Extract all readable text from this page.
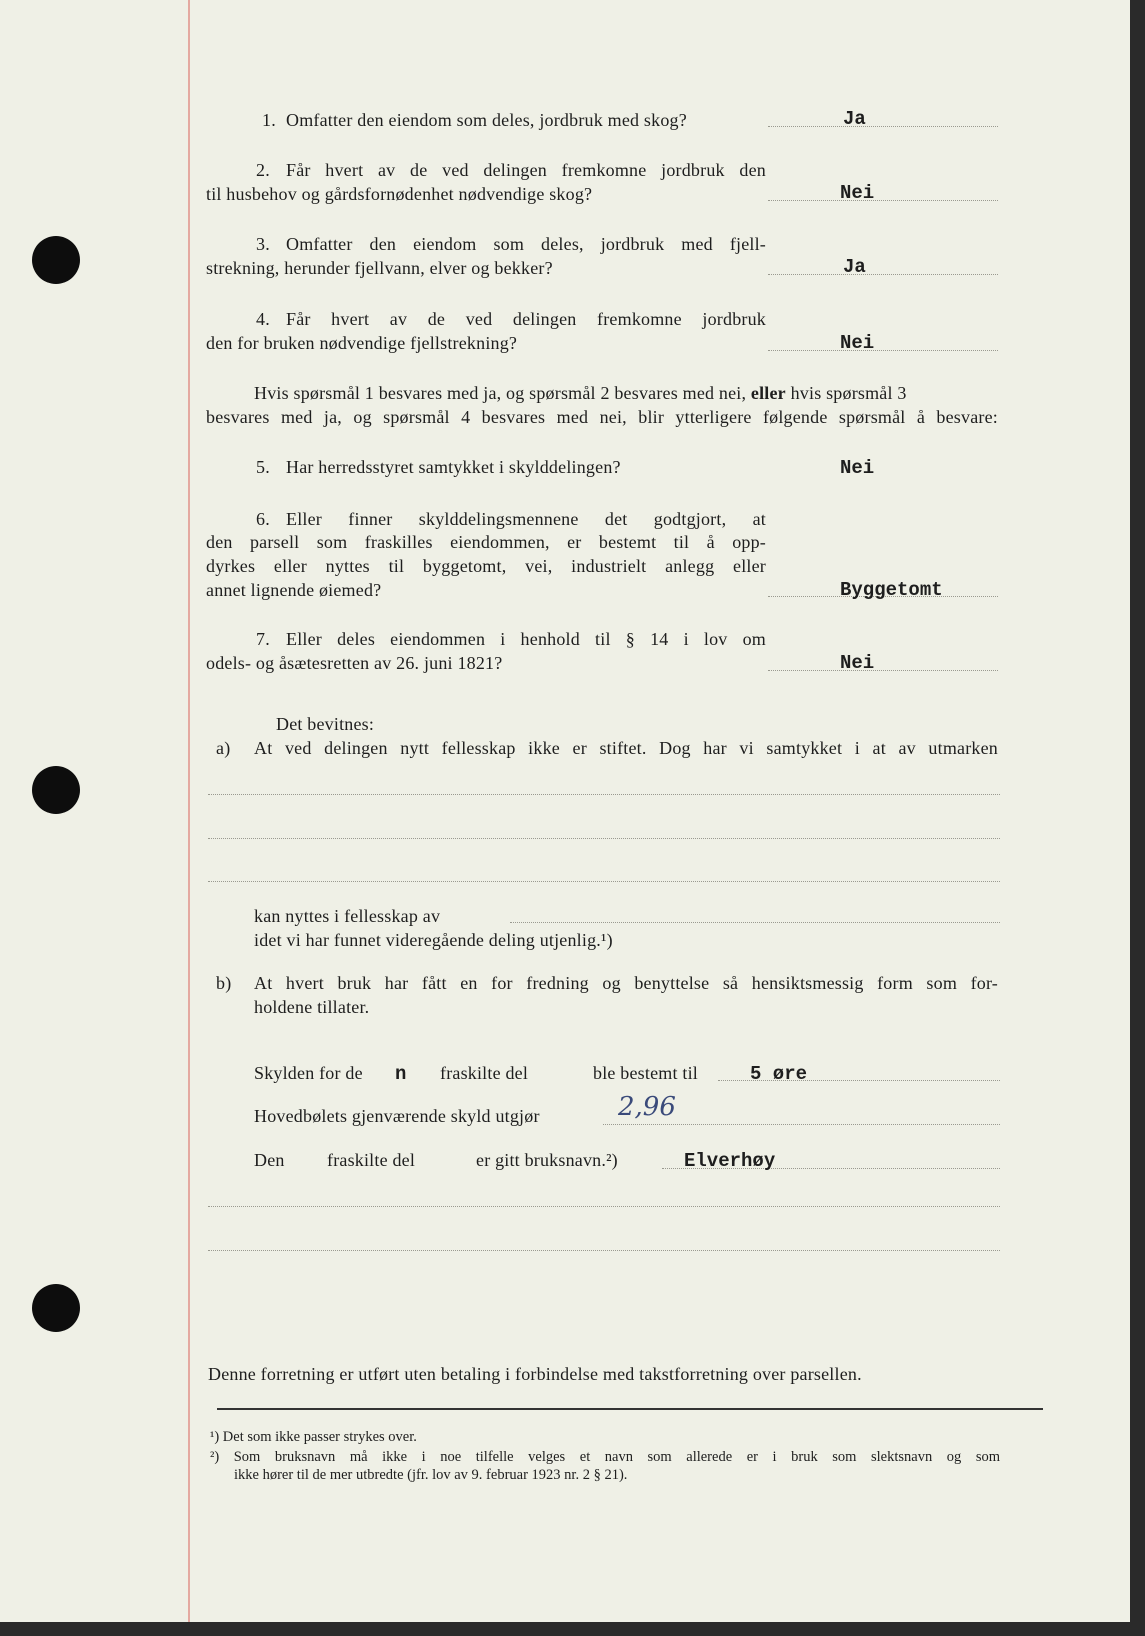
1. Omfatter den eiendom som deles, jordbruk med skog?	Ja
2. Får hvert av de ved delingen fremkomne jordbruk den
til husbehov og gårdsfornødenhet nødvendige skog?	Nei
3. Omfatter den eiendom som deles, jordbruk med fjell-
strekning, herunder fjellvann, elver og bekker?	Ja
4. Får hvert av de ved delingen fremkomne jordbruk
den for bruken nødvendige fjellstrekning?	Nei
Hvis spørsmål 1 besvares med ja, og spørsmål 2 besvares med nei, eller hvis spørsmål 3
besvares med ja, og spørsmål 4 besvares med nei, blir ytterligere følgende spørsmål å besvare:
5. Har herredsstyret samtykket i skylddelingen?	Nei
6. Eller finner skylddelingsmennene det godtgjort, at
den parsell som fraskilles eiendommen, er bestemt til å opp-
dyrkes eller nyttes til byggetomt, vei, industrielt anlegg eller
annet lignende øiemed?	Byggetomt
7. Eller deles eiendommen i henhold til § 14 i lov om
odels- og åsætesretten av 26. juni 1821?	Nei
Det bevitnes:
a) At ved delingen nytt fellesskap ikke er stiftet. Dog har vi samtykket i at av utmarken
kan nyttes i fellesskap av
idet vi har funnet videregående deling utjenlig.¹)
b) At hvert bruk har fått en for fredning og benyttelse så hensiktsmessig form som for-
holdene tillater.
Skylden for de n fraskilte del	ble bestemt til	5 øre
Hovedbølets gjenværende skyld utgjør	2,96
Den fraskilte del	er gitt bruksnavn.²)	Elverhøy
Denne forretning er utført uten betaling i forbindelse med takstforretning over parsellen.
¹) Det som ikke passer strykes over.
²) Som bruksnavn må ikke i noe tilfelle velges et navn som allerede er i bruk som slektsnavn og som
ikke hører til de mer utbredte (jfr. lov av 9. februar 1923 nr. 2 § 21).
